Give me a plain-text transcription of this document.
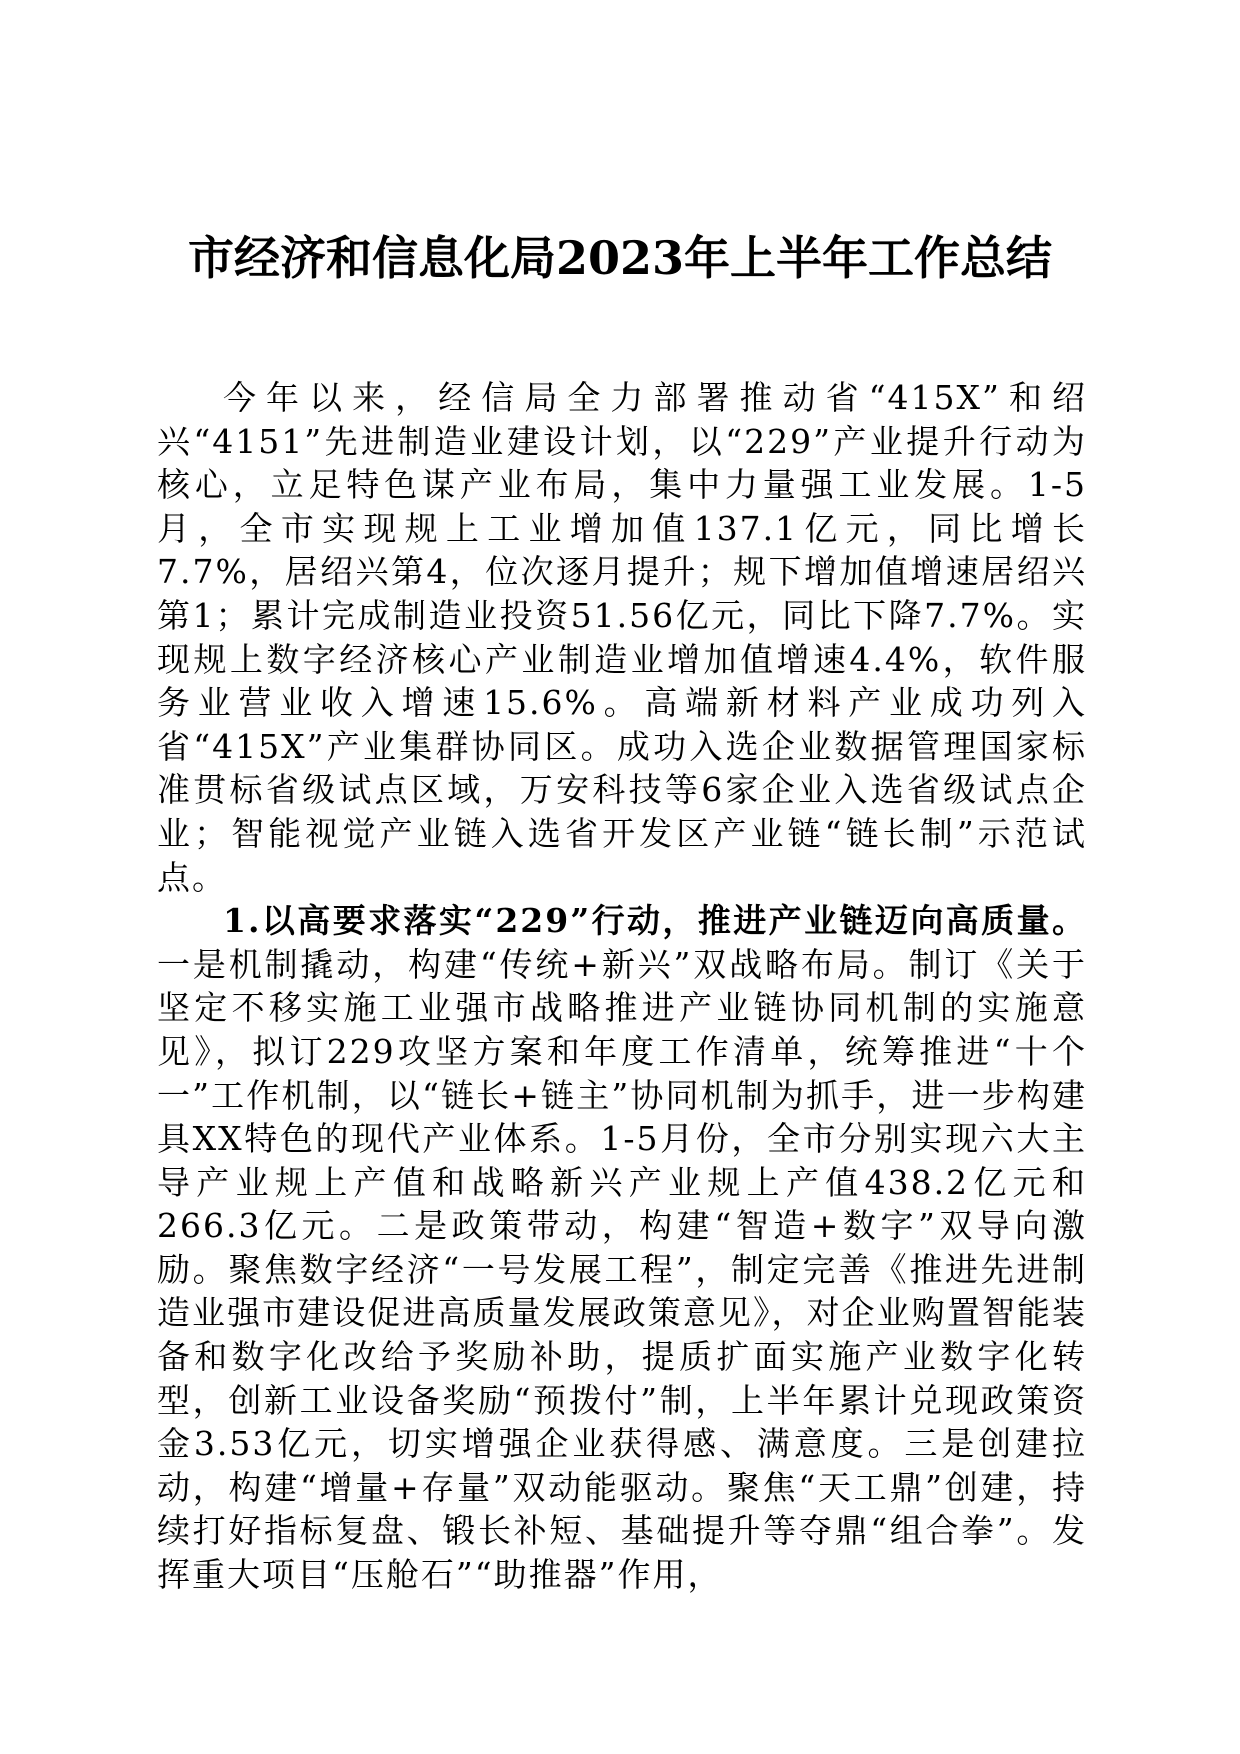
市经济和信息化局2023年上半年工作总结

今年以来，经信局全力部署推动省“415X”和绍兴“4151”先进制造业建设计划，以“229”产业提升行动为核心，立足特色谋产业布局，集中力量强工业发展。1-5月，全市实现规上工业增加值137.1亿元，同比增长7.7%，居绍兴第4，位次逐月提升；规下增加值增速居绍兴第1；累计完成制造业投资51.56亿元，同比下降7.7%。实现规上数字经济核心产业制造业增加值增速4.4%，软件服务业营业收入增速15.6%。高端新材料产业成功列入省“415X”产业集群协同区。成功入选企业数据管理国家标准贯标省级试点区域，万安科技等6家企业入选省级试点企业；智能视觉产业链入选省开发区产业链“链长制”示范试点。

1.以高要求落实“229”行动，推进产业链迈向高质量。一是机制撬动，构建“传统+新兴”双战略布局。制订《关于坚定不移实施工业强市战略推进产业链协同机制的实施意见》，拟订229攻坚方案和年度工作清单，统筹推进“十个一”工作机制，以“链长+链主”协同机制为抓手，进一步构建具XX特色的现代产业体系。1-5月份，全市分别实现六大主导产业规上产值和战略新兴产业规上产值438.2亿元和266.3亿元。二是政策带动，构建“智造+数字”双导向激励。聚焦数字经济“一号发展工程”，制定完善《推进先进制造业强市建设促进高质量发展政策意见》，对企业购置智能装备和数字化改给予奖励补助，提质扩面实施产业数字化转型，创新工业设备奖励“预拨付”制，上半年累计兑现政策资金3.53亿元，切实增强企业获得感、满意度。三是创建拉动，构建“增量+存量”双动能驱动。聚焦“天工鼎”创建，持续打好指标复盘、锻长补短、基础提升等夺鼎“组合拳”。发挥重大项目“压舱石”“助推器”作用，
